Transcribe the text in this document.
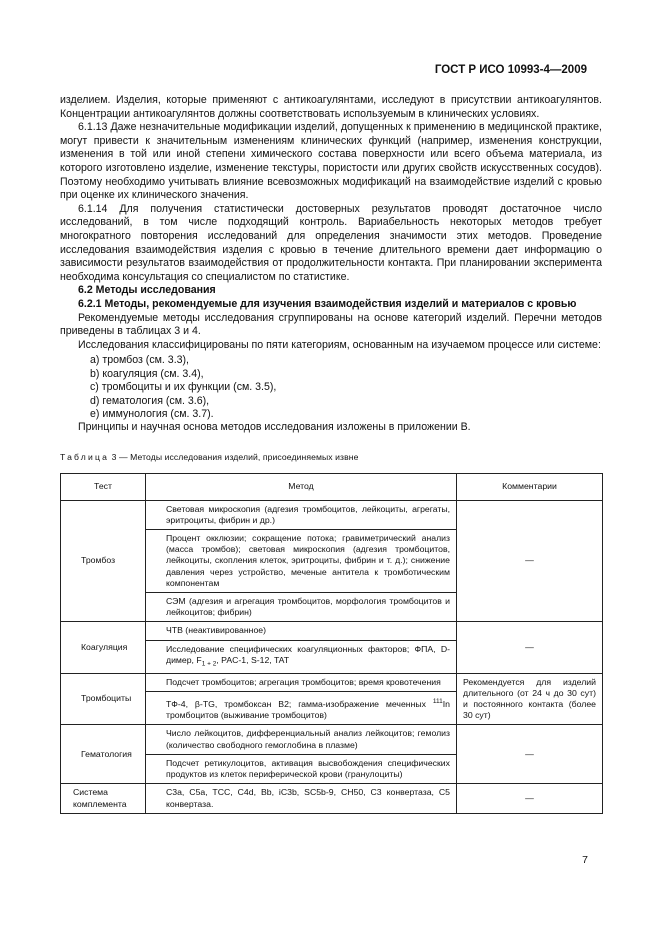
ГОСТ Р ИСО 10993-4—2009

изделием. Изделия, которые применяют с антикоагулянтами, исследуют в присутствии антикоагулянтов. Концентрации антикоагулянтов должны соответствовать используемым в клинических условиях.

6.1.13 Даже незначительные модификации изделий, допущенных к применению в медицинской практике, могут привести к значительным изменениям клинических функций (например, изменения конструкции, изменения в той или иной степени химического состава поверхности или всего объема материала, из которого изготовлено изделие, изменение текстуры, пористости или других свойств искусственных сосудов). Поэтому необходимо учитывать влияние всевозможных модификаций на взаимодействие изделий с кровью при оценке их клинического значения.

6.1.14 Для получения статистически достоверных результатов проводят достаточное число исследований, в том числе подходящий контроль. Вариабельность некоторых методов требует многократного повторения исследований для определения значимости этих методов. Проведение исследования взаимодействия изделия с кровью в течение длительного времени дает информацию о зависимости результатов взаимодействия от продолжительности контакта. При планировании эксперимента необходима консультация со специалистом по статистике.

6.2 Методы исследования

6.2.1 Методы, рекомендуемые для изучения взаимодействия изделий и материалов с кровью

Рекомендуемые методы исследования сгруппированы на основе категорий изделий. Перечни методов приведены в таблицах 3 и 4.

Исследования классифицированы по пяти категориям, основанным на изучаемом процессе или системе:

a) тромбоз (см. 3.3),
b) коагуляция (см. 3.4),
c) тромбоциты и их функции (см. 3.5),
d) гематология (см. 3.6),
e) иммунология (см. 3.7).

Принципы и научная основа методов исследования изложены в приложении В.

Таблица 3 — Методы исследования изделий, присоединяемых извне

Тест	Метод	Комментарии
Тромбоз	Световая микроскопия (адгезия тромбоцитов, лейкоциты, агрегаты, эритроциты, фибрин и др.)	—
	Процент окклюзии; сокращение потока; гравиметрический анализ (масса тромбов); световая микроскопия (адгезия тромбоцитов, лейкоциты, скопления клеток, эритроциты, фибрин и т. д.); снижение давления через устройство, меченые антитела к тромботическим компонентам	
	СЭМ (адгезия и агрегация тромбоцитов, морфология тромбоцитов и лейкоцитов; фибрин)	
Коагуляция	ЧТВ (неактивированное)	—
	Исследование специфических коагуляционных факторов; ФПА, D-димер, $F_{1 + 2}$, PAC-1, S-12, TAT	
Тромбоциты	Подсчет тромбоцитов; агрегация тромбоцитов; время кровотечения	Рекомендуется для изделий длительного (от 24 ч до 30 сут) и постоянного контакта (более 30 сут)
	TФ-4, β-TG, тромбоксан B2; гамма-изображение меченных $^{111}$In тромбоцитов (выживание тромбоцитов)	
Гематология	Число лейкоцитов, дифференциальный анализ лейкоцитов; гемолиз (количество свободного гемоглобина в плазме)	—
	Подсчет ретикулоцитов, активация высвобождения специфических продуктов из клеток периферической крови (гранулоциты)	
Система комплемента	C3a, C5a, TCC, C4d, Bb, iC3b, SC5b-9, CH50, C3 конвертаза, C5 конвертаза.	—
7
